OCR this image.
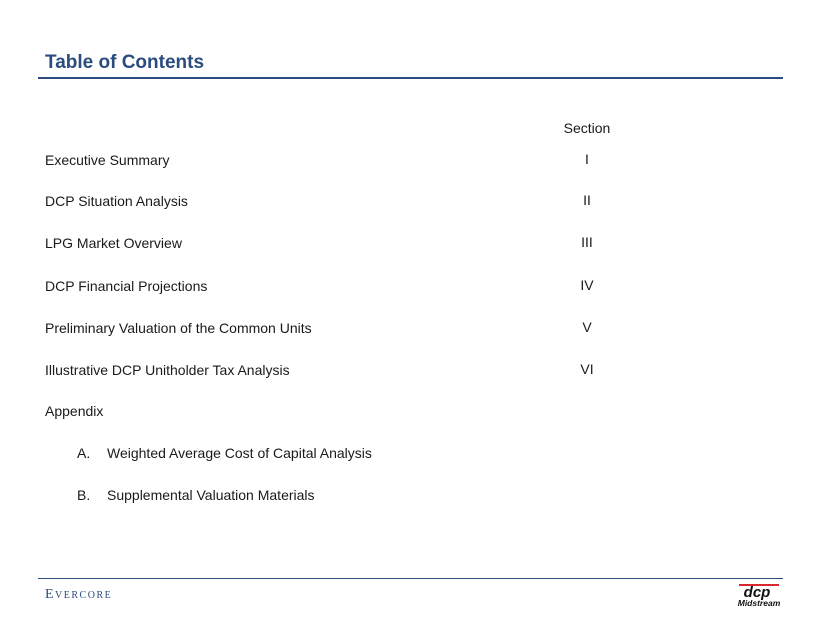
Table of Contents
Section
Executive Summary	I
DCP Situation Analysis	II
LPG Market Overview	III
DCP Financial Projections	IV
Preliminary Valuation of the Common Units	V
Illustrative DCP Unitholder Tax Analysis	VI
Appendix
A. Weighted Average Cost of Capital Analysis
B. Supplemental Valuation Materials
Evercore	dcp
Midstream
